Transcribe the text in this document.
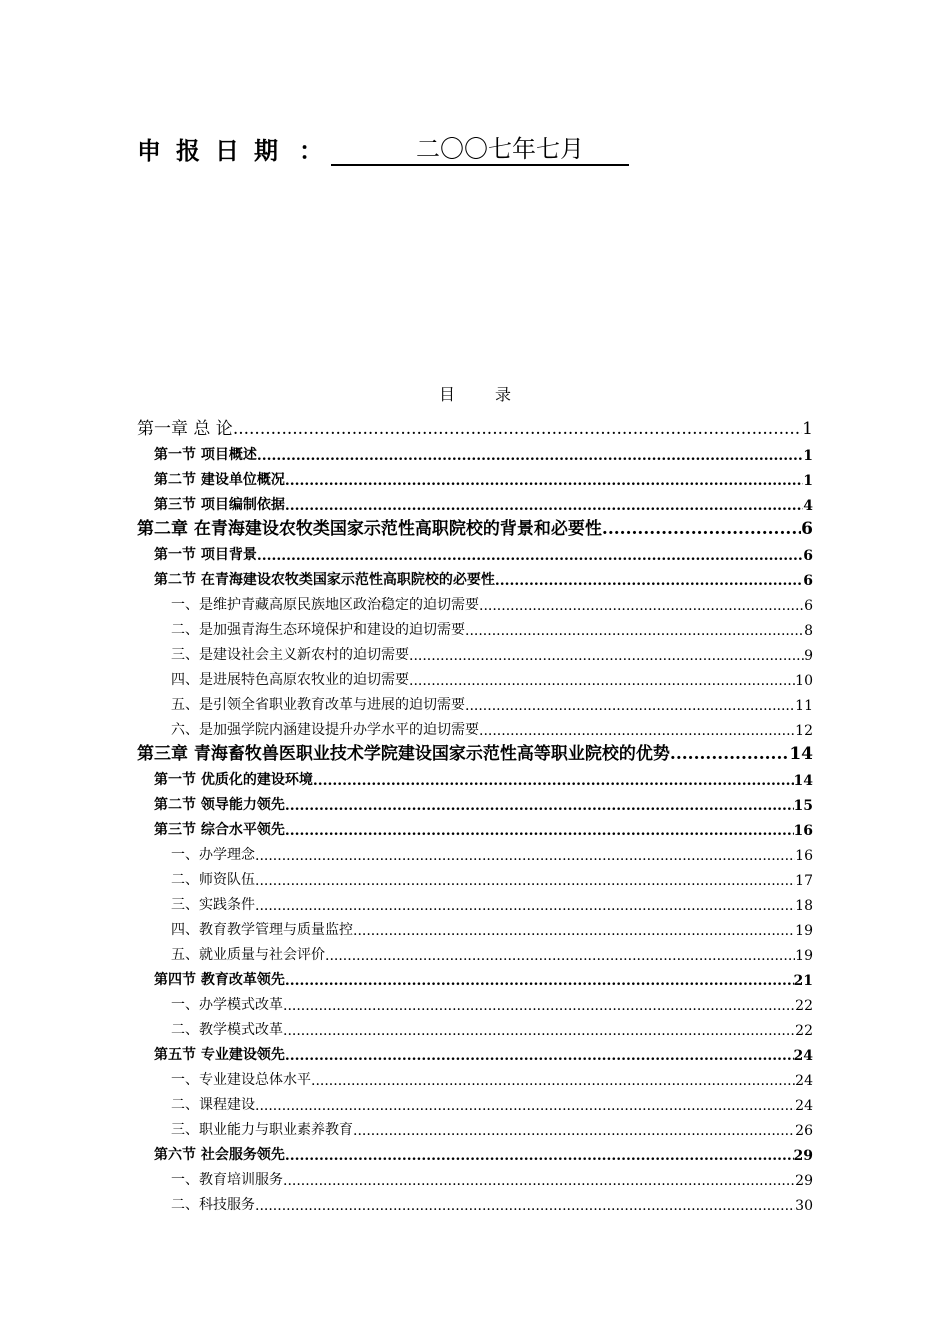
申报日期 ：	二〇〇七年七月
目录
第一章 总 论 .....	1
第一节 项目概述 .....	1
第二节 建设单位概况 .....	1
第三节 项目编制依据 .....	4
第二章 在青海建设农牧类国家示范性高职院校的背景和必要性 .....	6
第一节 项目背景 .....	6
第二节 在青海建设农牧类国家示范性高职院校的必要性 .....	6
一、是维护青藏高原民族地区政治稳定的迫切需要 .....	6
二、是加强青海生态环境保护和建设的迫切需要 .....	8
三、是建设社会主义新农村的迫切需要 .....	9
四、是进展特色高原农牧业的迫切需要 .....	10
五、是引领全省职业教育改革与进展的迫切需要 .....	11
六、是加强学院内涵建设提升办学水平的迫切需要 .....	12
第三章 青海畜牧兽医职业技术学院建设国家示范性高等职业院校的优势 .....	14
第一节 优质化的建设环境 .....	14
第二节 领导能力领先 .....	15
第三节 综合水平领先 .....	16
一、办学理念 .....	16
二、师资队伍 .....	17
三、实践条件 .....	18
四、教育教学管理与质量监控 .....	19
五、就业质量与社会评价 .....	19
第四节 教育改革领先 .....	21
一、办学模式改革 .....	22
二、教学模式改革 .....	22
第五节 专业建设领先 .....	24
一、专业建设总体水平 .....	24
二、课程建设 .....	24
三、职业能力与职业素养教育 .....	26
第六节 社会服务领先 .....	29
一、教育培训服务 .....	29
二、科技服务 .....	30
